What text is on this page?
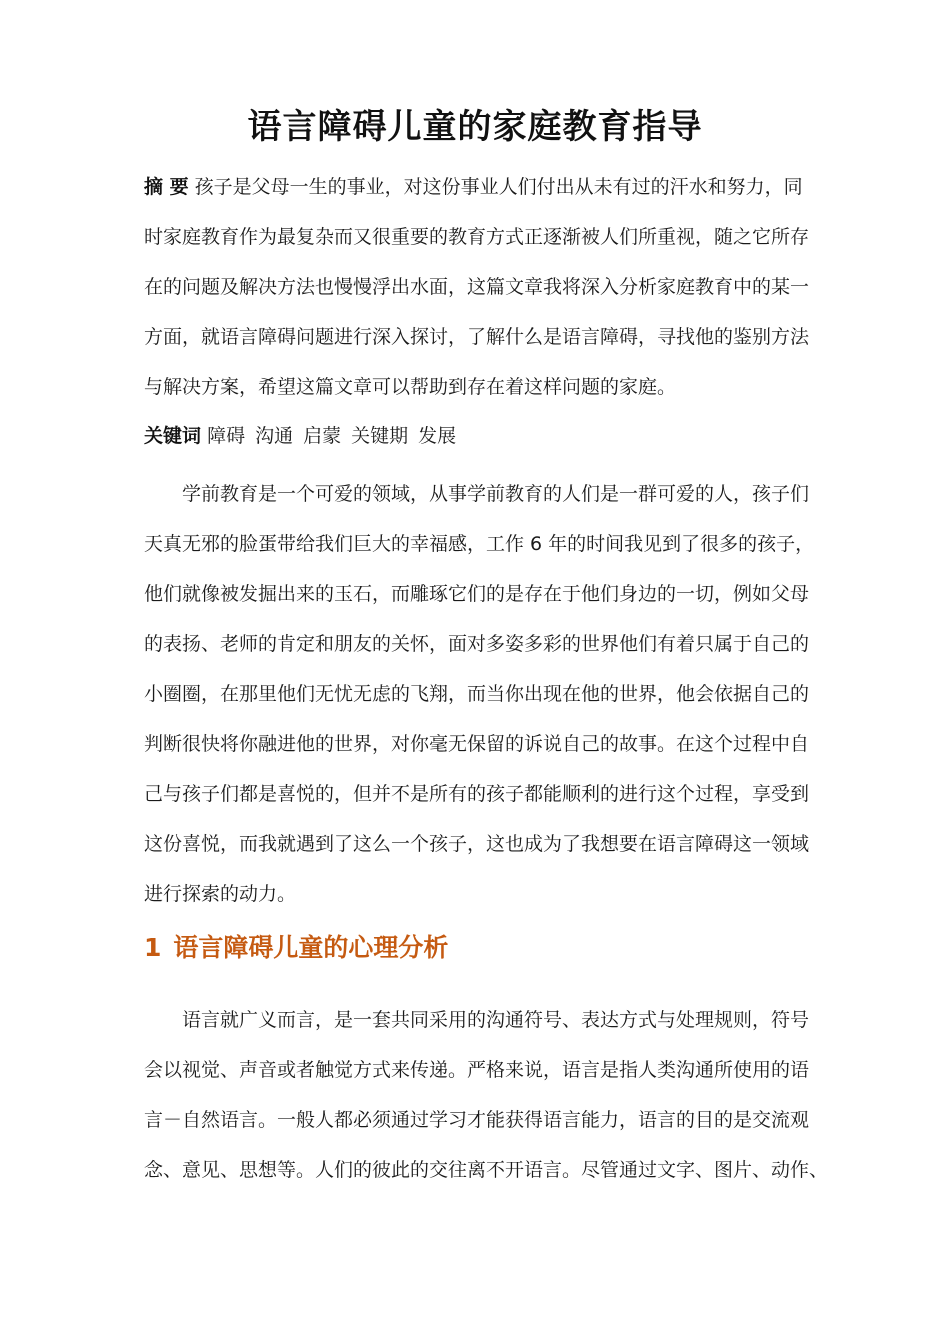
语言障碍儿童的家庭教育指导
摘 要 孩子是父母一生的事业，对这份事业人们付出从未有过的汗水和努力，同
时家庭教育作为最复杂而又很重要的教育方式正逐渐被人们所重视，随之它所存
在的问题及解决方法也慢慢浮出水面，这篇文章我将深入分析家庭教育中的某一
方面，就语言障碍问题进行深入探讨，了解什么是语言障碍，寻找他的鉴别方法
与解决方案，希望这篇文章可以帮助到存在着这样问题的家庭。
关键词 障碍 沟通 启蒙 关键期 发展
学前教育是一个可爱的领域，从事学前教育的人们是一群可爱的人，孩子们
天真无邪的脸蛋带给我们巨大的幸福感，工作 6 年的时间我见到了很多的孩子，
他们就像被发掘出来的玉石，而雕琢它们的是存在于他们身边的一切，例如父母
的表扬、老师的肯定和朋友的关怀，面对多姿多彩的世界他们有着只属于自己的
小圈圈，在那里他们无忧无虑的飞翔，而当你出现在他的世界，他会依据自己的
判断很快将你融进他的世界，对你毫无保留的诉说自己的故事。在这个过程中自
己与孩子们都是喜悦的，但并不是所有的孩子都能顺利的进行这个过程，享受到
这份喜悦，而我就遇到了这么一个孩子，这也成为了我想要在语言障碍这一领域
进行探索的动力。
1 语言障碍儿童的心理分析
语言就广义而言，是一套共同采用的沟通符号、表达方式与处理规则，符号
会以视觉、声音或者触觉方式来传递。严格来说，语言是指人类沟通所使用的语
言－自然语言。一般人都必须通过学习才能获得语言能力，语言的目的是交流观
念、意见、思想等。人们的彼此的交往离不开语言。尽管通过文字、图片、动作、
